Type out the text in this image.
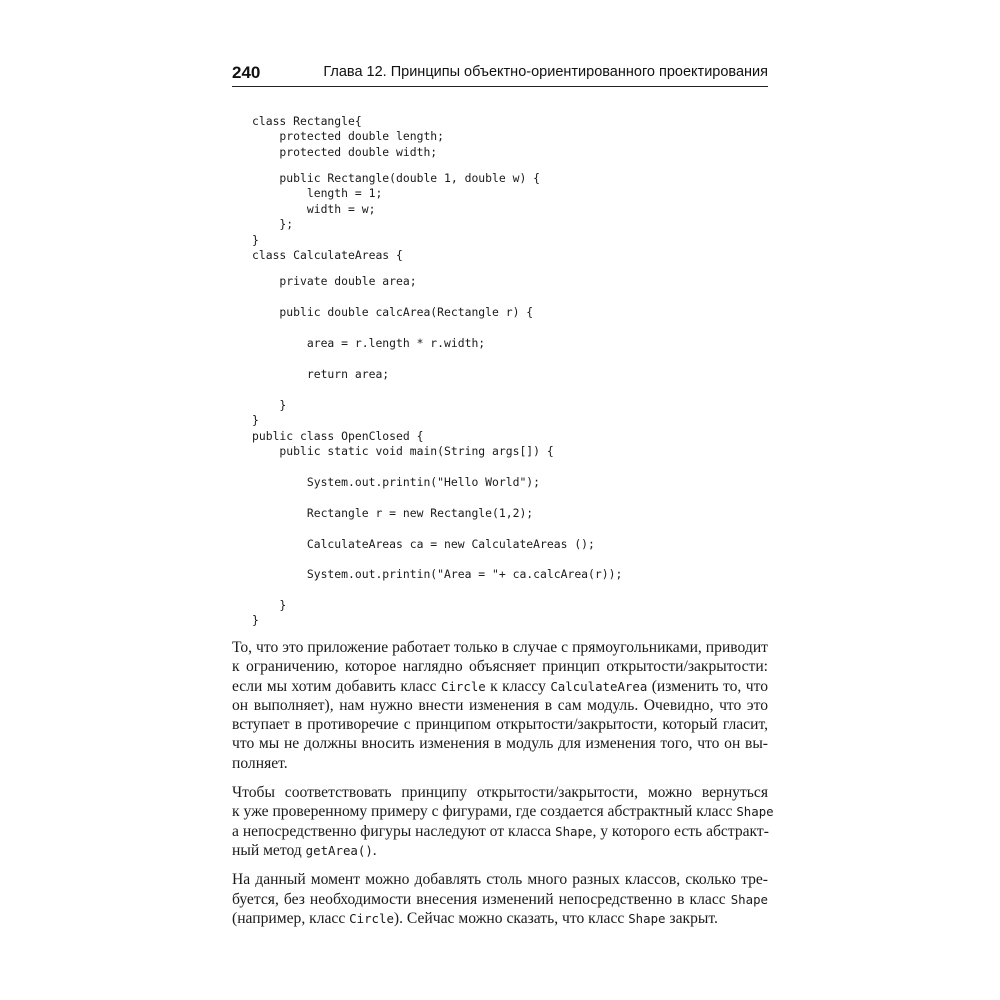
240	Глава 12. Принципы объектно-ориентированного проектирования
class Rectangle{
protected double length;
protected double width;
public Rectangle(double 1, double w) {
length = 1;
width = w;
};
}
class CalculateAreas {
private double area;
public double calcArea(Rectangle r) {
area = r.length * r.width;
return area;
}
}
public class OpenClosed {
public static void main(String args[]) {
System.out.printin("Hello World");
Rectangle r = new Rectangle(1,2);
CalculateAreas ca = new CalculateAreas ();
System.out.printin("Area = "+ ca.calcArea(r));
}
}

То, что это приложение работает только в случае с прямоугольниками, приводит
к ограничению, которое наглядно объясняет принцип открытости/закрытости:
если мы хотим добавить класс Circle к классу CalculateArea (изменить то, что
он выполняет), нам нужно внести изменения в сам модуль. Очевидно, что это
вступает в противоречие с принципом открытости/закрытости, который гласит,
что мы не должны вносить изменения в модуль для изменения того, что он вы-
полняет.

Чтобы соответствовать принципу открытости/закрытости, можно вернуться
к уже проверенному примеру с фигурами, где создается абстрактный класс Shape
а непосредственно фигуры наследуют от класса Shape, у которого есть абстракт-
ный метод getArea().

На данный момент можно добавлять столь много разных классов, сколько тре-
буется, без необходимости внесения изменений непосредственно в класс Shape
(например, класс Circle). Сейчас можно сказать, что класс Shape закрыт.
